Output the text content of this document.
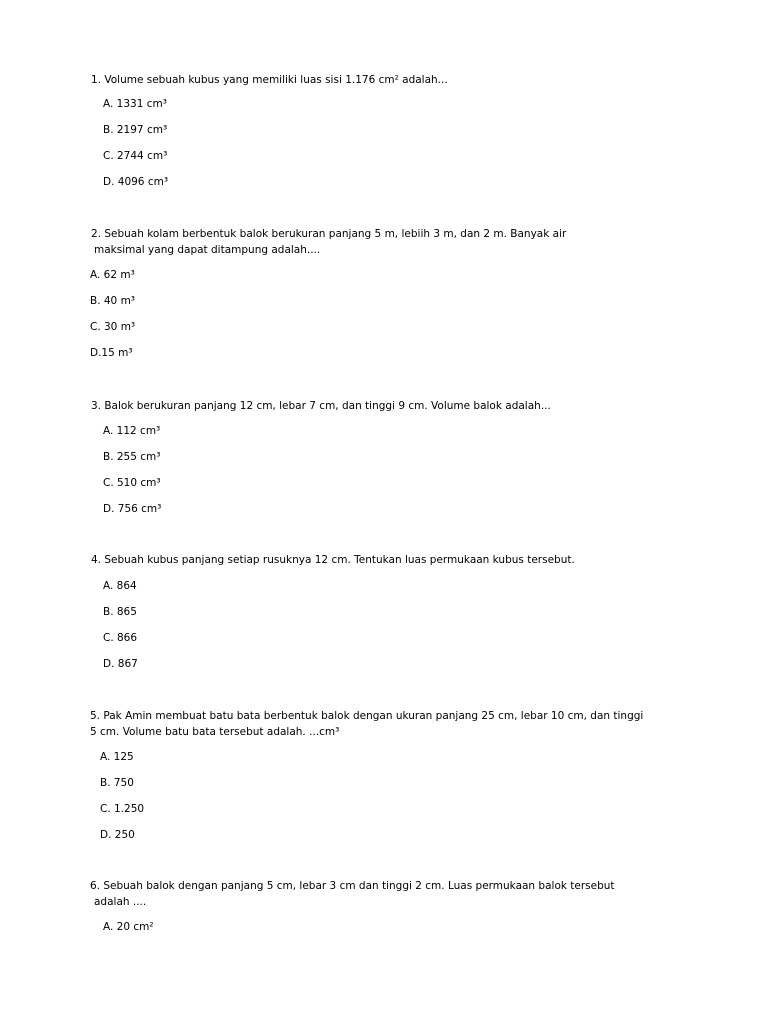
1. Volume sebuah kubus yang memiliki luas sisi 1.176 cm² adalah...
A. 1331 cm³
B. 2197 cm³
C. 2744 cm³
D. 4096 cm³
2. Sebuah kolam berbentuk balok berukuran panjang 5 m, lebiih 3 m, dan 2 m. Banyak air
maksimal yang dapat ditampung adalah....
A. 62 m³
B. 40 m³
C. 30 m³
D.15 m³
3. Balok berukuran panjang 12 cm, lebar 7 cm, dan tinggi 9 cm. Volume balok adalah...
A. 112 cm³
B. 255 cm³
C. 510 cm³
D. 756 cm³
4. Sebuah kubus panjang setiap rusuknya 12 cm. Tentukan luas permukaan kubus tersebut.
A. 864
B. 865
C. 866
D. 867
5. Pak Amin membuat batu bata berbentuk balok dengan ukuran panjang 25 cm, lebar 10 cm, dan tinggi
5 cm. Volume batu bata tersebut adalah. ...cm³
A. 125
B. 750
C. 1.250
D. 250
6. Sebuah balok dengan panjang 5 cm, lebar 3 cm dan tinggi 2 cm. Luas permukaan balok tersebut
adalah ....
A. 20 cm²
